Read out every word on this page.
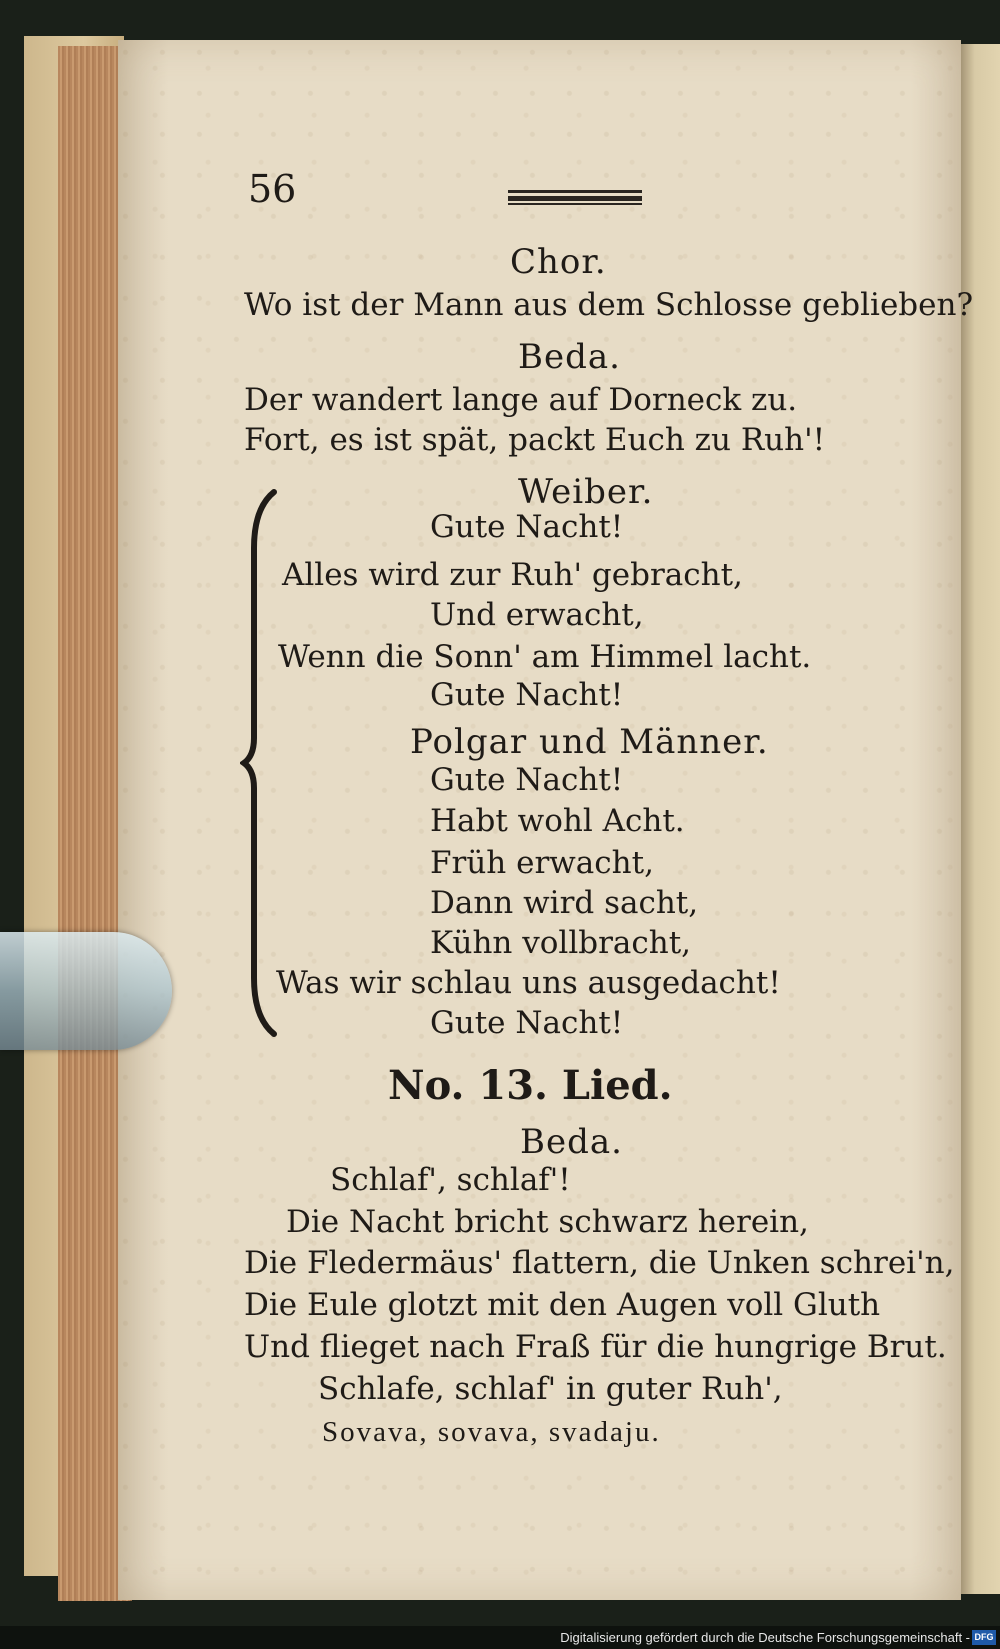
56
Chor.
Wo ist der Mann aus dem Schlosse geblieben?
Beda.
Der wandert lange auf Dorneck zu.
Fort, es ist spät, packt Euch zu Ruh'!
Weiber.
Gute Nacht!
Alles wird zur Ruh' gebracht,
Und erwacht,
Wenn die Sonn' am Himmel lacht.
Gute Nacht!
Polgar und Männer.
Gute Nacht!
Habt wohl Acht.
Früh erwacht,
Dann wird sacht,
Kühn vollbracht,
Was wir schlau uns ausgedacht!
Gute Nacht!
No. 13. Lied.
Beda.
Schlaf', schlaf'!
Die Nacht bricht schwarz herein,
Die Fledermäus' flattern, die Unken schrei'n,
Die Eule glotzt mit den Augen voll Gluth
Und flieget nach Fraß für die hungrige Brut.
Schlafe, schlaf' in guter Ruh',
Sovava, sovava, svadaju.
Digitalisierung gefördert durch die Deutsche Forschungsgemeinschaft - DFG
